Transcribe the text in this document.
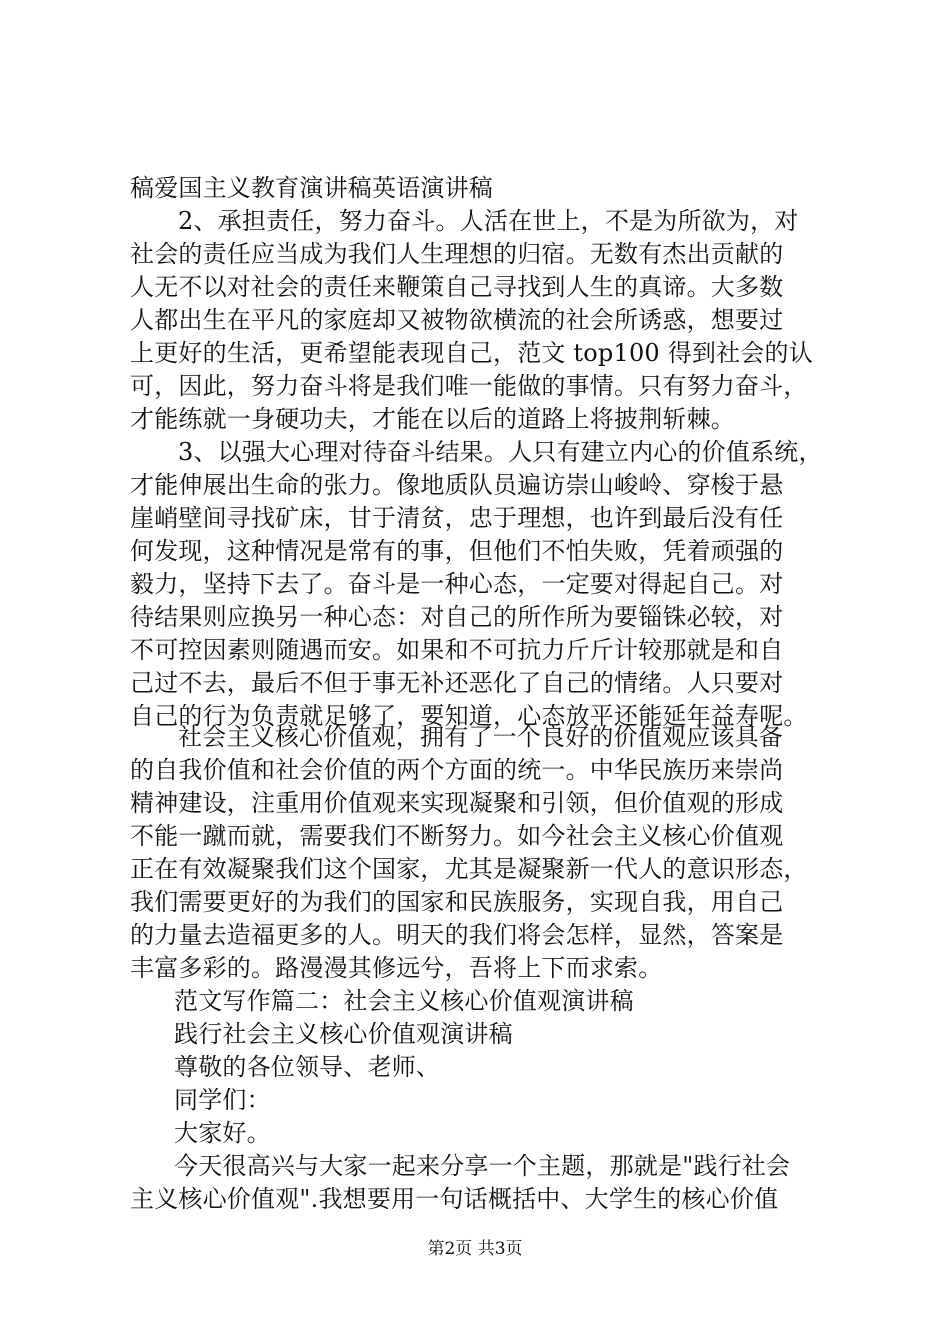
稿爱国主义教育演讲稿英语演讲稿
2、承担责任，努力奋斗。人活在世上，不是为所欲为，对
社会的责任应当成为我们人生理想的归宿。无数有杰出贡献的
人无不以对社会的责任来鞭策自己寻找到人生的真谛。大多数
人都出生在平凡的家庭却又被物欲横流的社会所诱惑，想要过
上更好的生活，更希望能表现自己，范文 top100 得到社会的认
可，因此，努力奋斗将是我们唯一能做的事情。只有努力奋斗，
才能练就一身硬功夫，才能在以后的道路上将披荆斩棘。
3、以强大心理对待奋斗结果。人只有建立内心的价值系统，
才能伸展出生命的张力。像地质队员遍访崇山峻岭、穿梭于悬
崖峭壁间寻找矿床，甘于清贫，忠于理想，也许到最后没有任
何发现，这种情况是常有的事，但他们不怕失败，凭着顽强的
毅力，坚持下去了。奋斗是一种心态，一定要对得起自己。对
待结果则应换另一种心态：对自己的所作所为要锱铢必较，对
不可控因素则随遇而安。如果和不可抗力斤斤计较那就是和自
己过不去，最后不但于事无补还恶化了自己的情绪。人只要对
自己的行为负责就足够了，要知道，心态放平还能延年益寿呢。
社会主义核心价值观，拥有了一个良好的价值观应该具备
的自我价值和社会价值的两个方面的统一。中华民族历来崇尚
精神建设，注重用价值观来实现凝聚和引领，但价值观的形成
不能一蹴而就，需要我们不断努力。如今社会主义核心价值观
正在有效凝聚我们这个国家，尤其是凝聚新一代人的意识形态，
我们需要更好的为我们的国家和民族服务，实现自我，用自己
的力量去造福更多的人。明天的我们将会怎样，显然，答案是
丰富多彩的。路漫漫其修远兮，吾将上下而求索。
范文写作篇二：社会主义核心价值观演讲稿
践行社会主义核心价值观演讲稿
尊敬的各位领导、老师、
同学们：
大家好。
今天很高兴与大家一起来分享一个主题，那就是"践行社会
主义核心价值观".我想要用一句话概括中、大学生的核心价值
第2页 共3页
